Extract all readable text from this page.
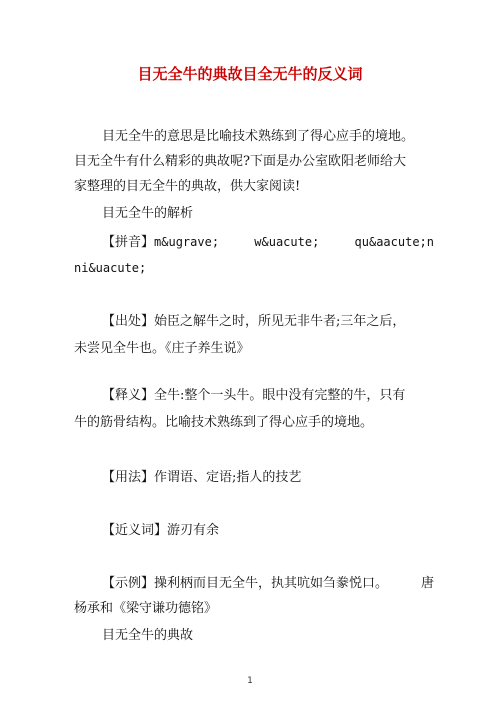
目无全牛的典故目全无牛的反义词
目无全牛的意思是比喻技术熟练到了得心应手的境地。
目无全牛有什么精彩的典故呢?下面是办公室欧阳老师给大
家整理的目无全牛的典故，供大家阅读!
目无全牛的解析
【拼音】m&ugrave;	w&uacute;	qu&aacute;n
ni&uacute;
【出处】始臣之解牛之时，所见无非牛者;三年之后，
未尝见全牛也。《庄子养生说》
【释义】全牛:整个一头牛。眼中没有完整的牛，只有
牛的筋骨结构。比喻技术熟练到了得心应手的境地。
【用法】作谓语、定语;指人的技艺
【近义词】游刃有余
【示例】操利柄而目无全牛，执其吭如刍豢悦口。	唐
杨承和《梁守谦功德铭》
目无全牛的典故
1
